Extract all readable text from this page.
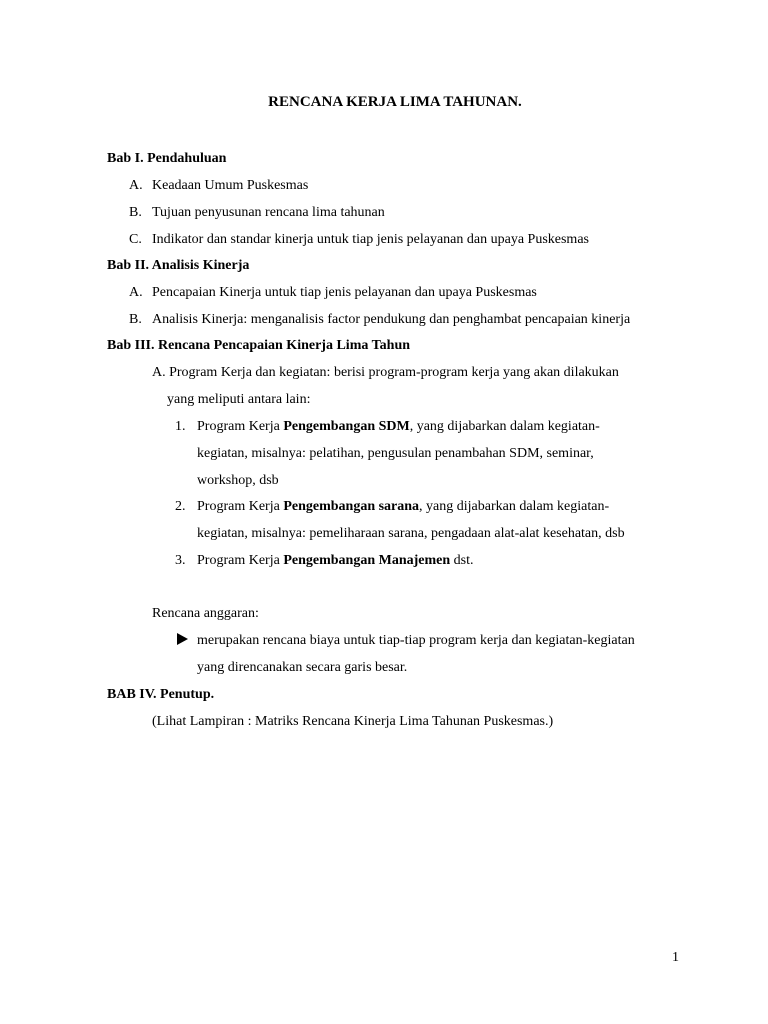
RENCANA KERJA LIMA TAHUNAN.
Bab I. Pendahuluan
A. Keadaan Umum Puskesmas
B. Tujuan penyusunan rencana lima tahunan
C. Indikator dan standar kinerja untuk tiap jenis pelayanan dan upaya Puskesmas
Bab II. Analisis Kinerja
A. Pencapaian Kinerja untuk tiap jenis pelayanan dan upaya Puskesmas
B. Analisis Kinerja: menganalisis factor pendukung dan penghambat pencapaian kinerja
Bab III. Rencana Pencapaian Kinerja Lima Tahun
A. Program Kerja dan kegiatan: berisi program-program kerja yang akan dilakukan
yang meliputi antara lain:
1. Program Kerja Pengembangan SDM, yang dijabarkan dalam kegiatan-
kegiatan, misalnya: pelatihan, pengusulan penambahan SDM, seminar,
workshop, dsb
2. Program Kerja Pengembangan sarana, yang dijabarkan dalam kegiatan-
kegiatan, misalnya: pemeliharaan sarana, pengadaan alat-alat kesehatan, dsb
3. Program Kerja Pengembangan Manajemen dst.
Rencana anggaran:
merupakan rencana biaya untuk tiap-tiap program kerja dan kegiatan-kegiatan
yang direncanakan secara garis besar.
BAB IV. Penutup.
(Lihat Lampiran : Matriks Rencana Kinerja Lima Tahunan Puskesmas.)
1
